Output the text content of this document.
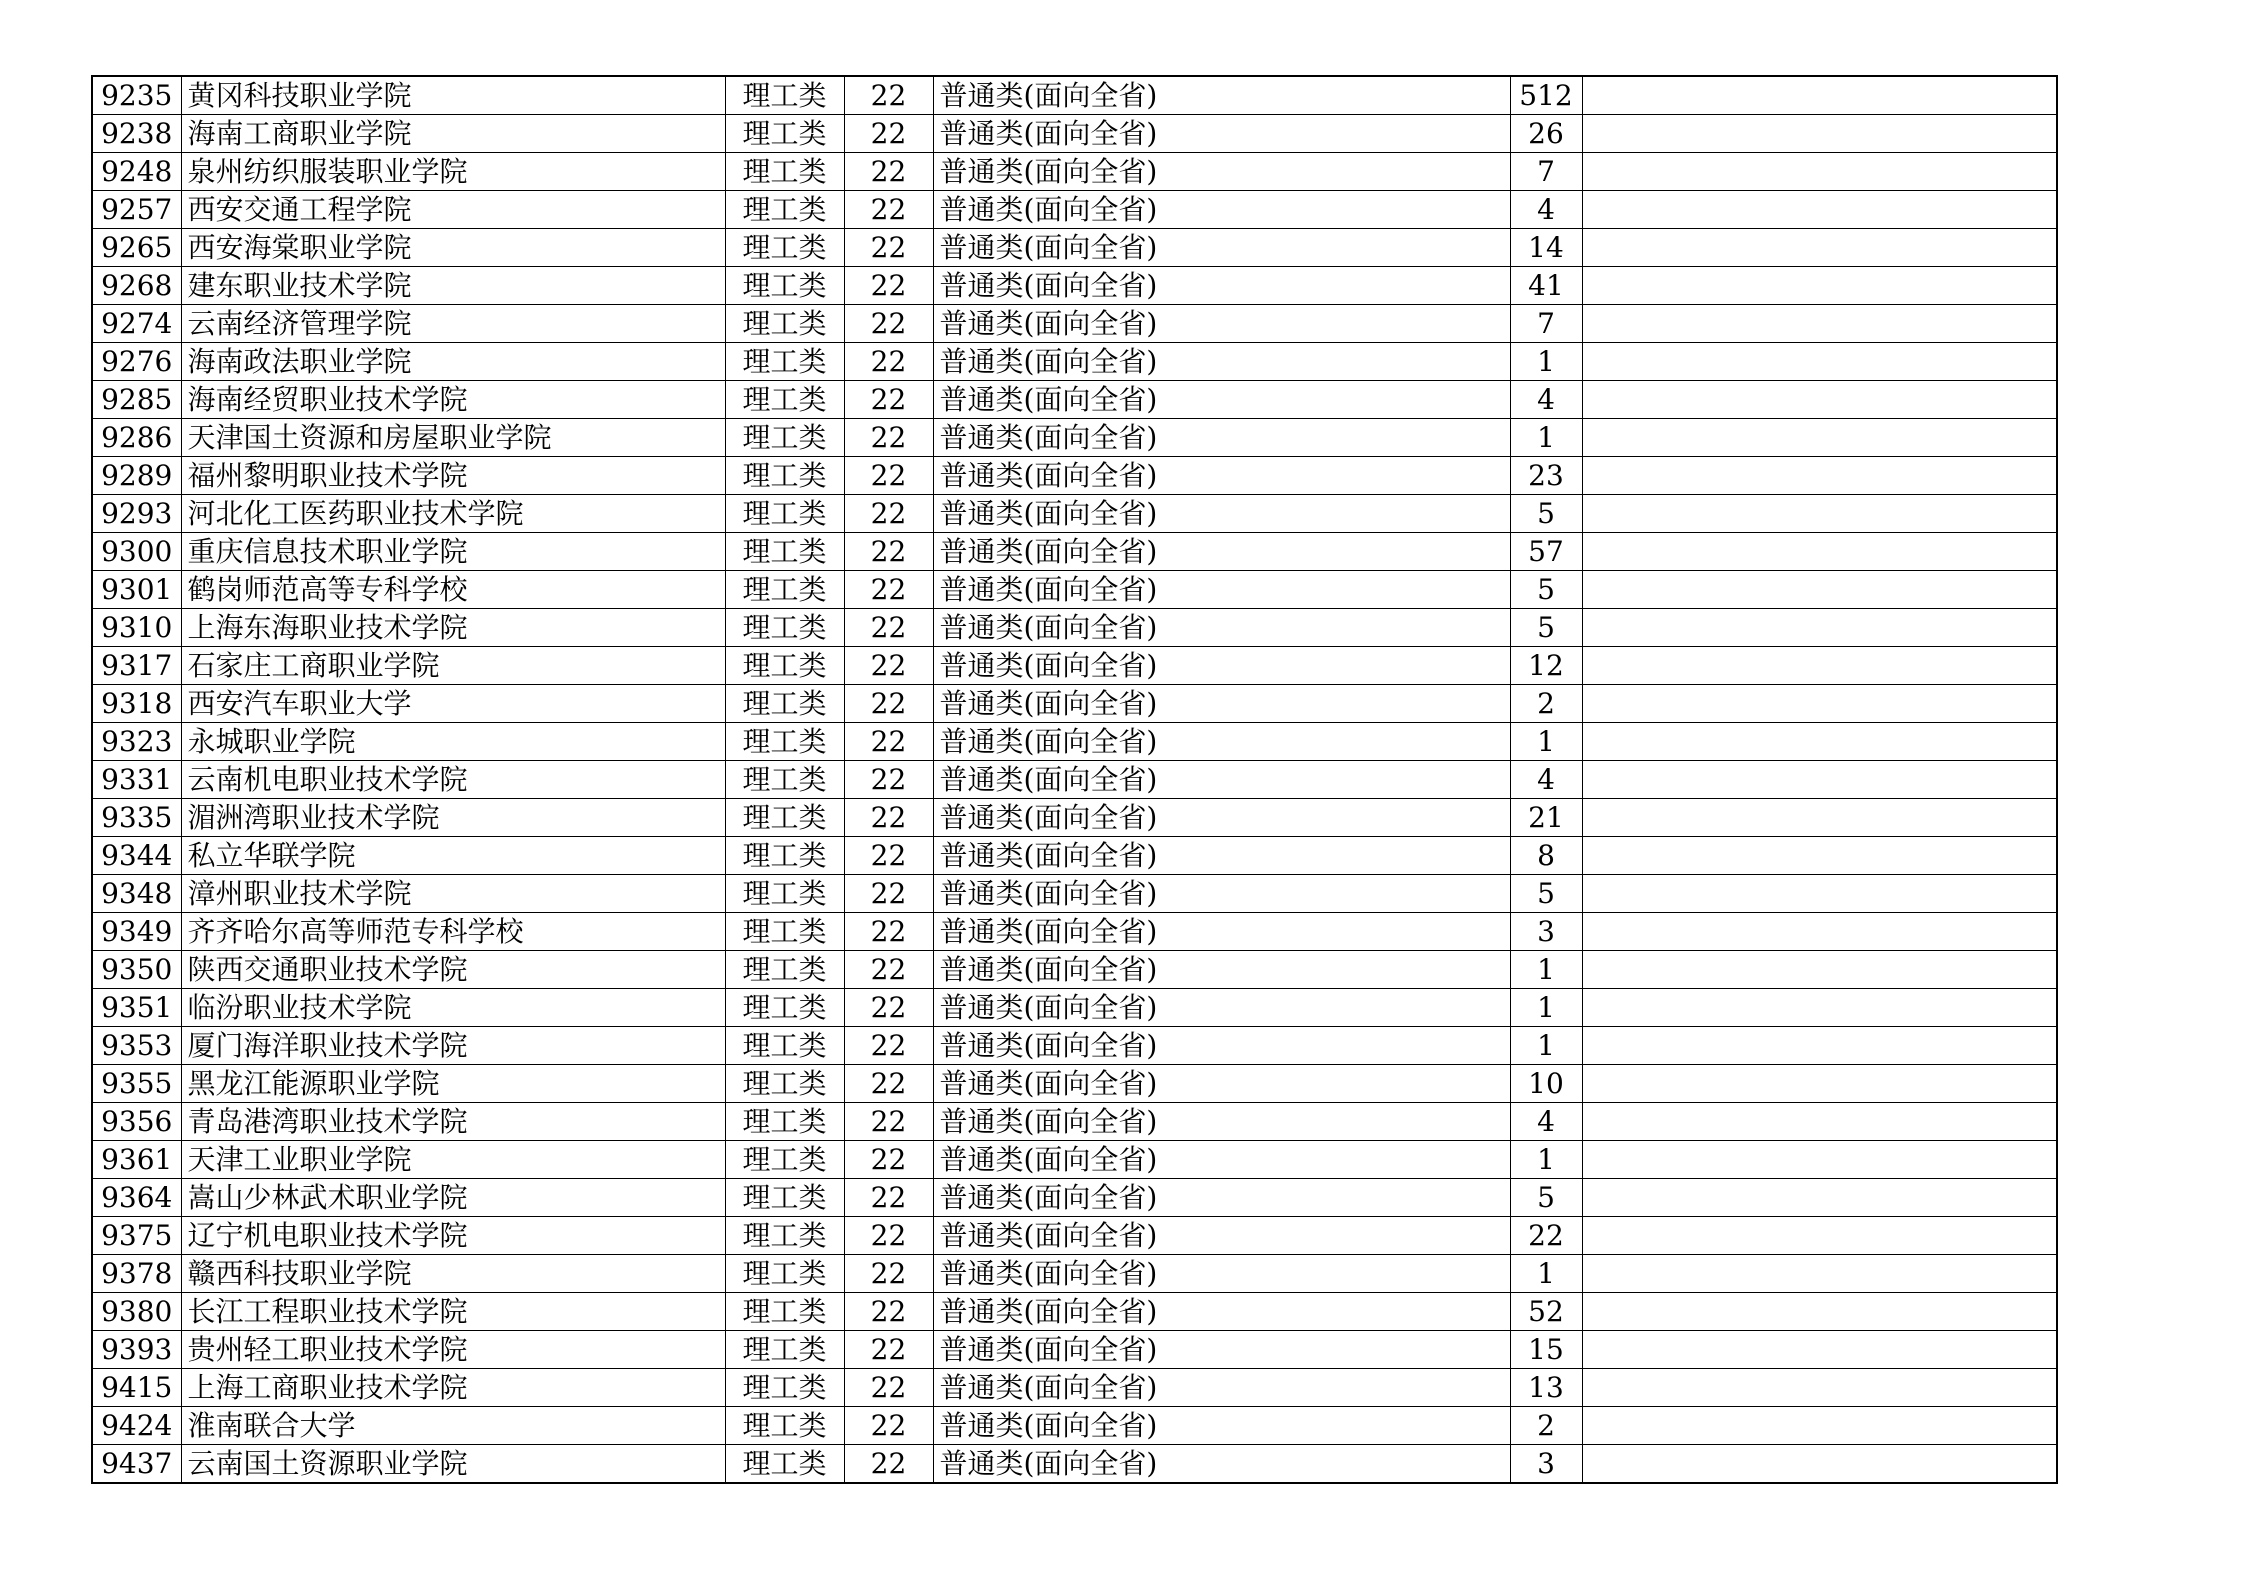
9235	黄冈科技职业学院	理工类	22	普通类(面向全省)	512	
9238	海南工商职业学院	理工类	22	普通类(面向全省)	26	
9248	泉州纺织服装职业学院	理工类	22	普通类(面向全省)	7	
9257	西安交通工程学院	理工类	22	普通类(面向全省)	4	
9265	西安海棠职业学院	理工类	22	普通类(面向全省)	14	
9268	建东职业技术学院	理工类	22	普通类(面向全省)	41	
9274	云南经济管理学院	理工类	22	普通类(面向全省)	7	
9276	海南政法职业学院	理工类	22	普通类(面向全省)	1	
9285	海南经贸职业技术学院	理工类	22	普通类(面向全省)	4	
9286	天津国土资源和房屋职业学院	理工类	22	普通类(面向全省)	1	
9289	福州黎明职业技术学院	理工类	22	普通类(面向全省)	23	
9293	河北化工医药职业技术学院	理工类	22	普通类(面向全省)	5	
9300	重庆信息技术职业学院	理工类	22	普通类(面向全省)	57	
9301	鹤岗师范高等专科学校	理工类	22	普通类(面向全省)	5	
9310	上海东海职业技术学院	理工类	22	普通类(面向全省)	5	
9317	石家庄工商职业学院	理工类	22	普通类(面向全省)	12	
9318	西安汽车职业大学	理工类	22	普通类(面向全省)	2	
9323	永城职业学院	理工类	22	普通类(面向全省)	1	
9331	云南机电职业技术学院	理工类	22	普通类(面向全省)	4	
9335	湄洲湾职业技术学院	理工类	22	普通类(面向全省)	21	
9344	私立华联学院	理工类	22	普通类(面向全省)	8	
9348	漳州职业技术学院	理工类	22	普通类(面向全省)	5	
9349	齐齐哈尔高等师范专科学校	理工类	22	普通类(面向全省)	3	
9350	陕西交通职业技术学院	理工类	22	普通类(面向全省)	1	
9351	临汾职业技术学院	理工类	22	普通类(面向全省)	1	
9353	厦门海洋职业技术学院	理工类	22	普通类(面向全省)	1	
9355	黑龙江能源职业学院	理工类	22	普通类(面向全省)	10	
9356	青岛港湾职业技术学院	理工类	22	普通类(面向全省)	4	
9361	天津工业职业学院	理工类	22	普通类(面向全省)	1	
9364	嵩山少林武术职业学院	理工类	22	普通类(面向全省)	5	
9375	辽宁机电职业技术学院	理工类	22	普通类(面向全省)	22	
9378	赣西科技职业学院	理工类	22	普通类(面向全省)	1	
9380	长江工程职业技术学院	理工类	22	普通类(面向全省)	52	
9393	贵州轻工职业技术学院	理工类	22	普通类(面向全省)	15	
9415	上海工商职业技术学院	理工类	22	普通类(面向全省)	13	
9424	淮南联合大学	理工类	22	普通类(面向全省)	2	
9437	云南国土资源职业学院	理工类	22	普通类(面向全省)	3	
